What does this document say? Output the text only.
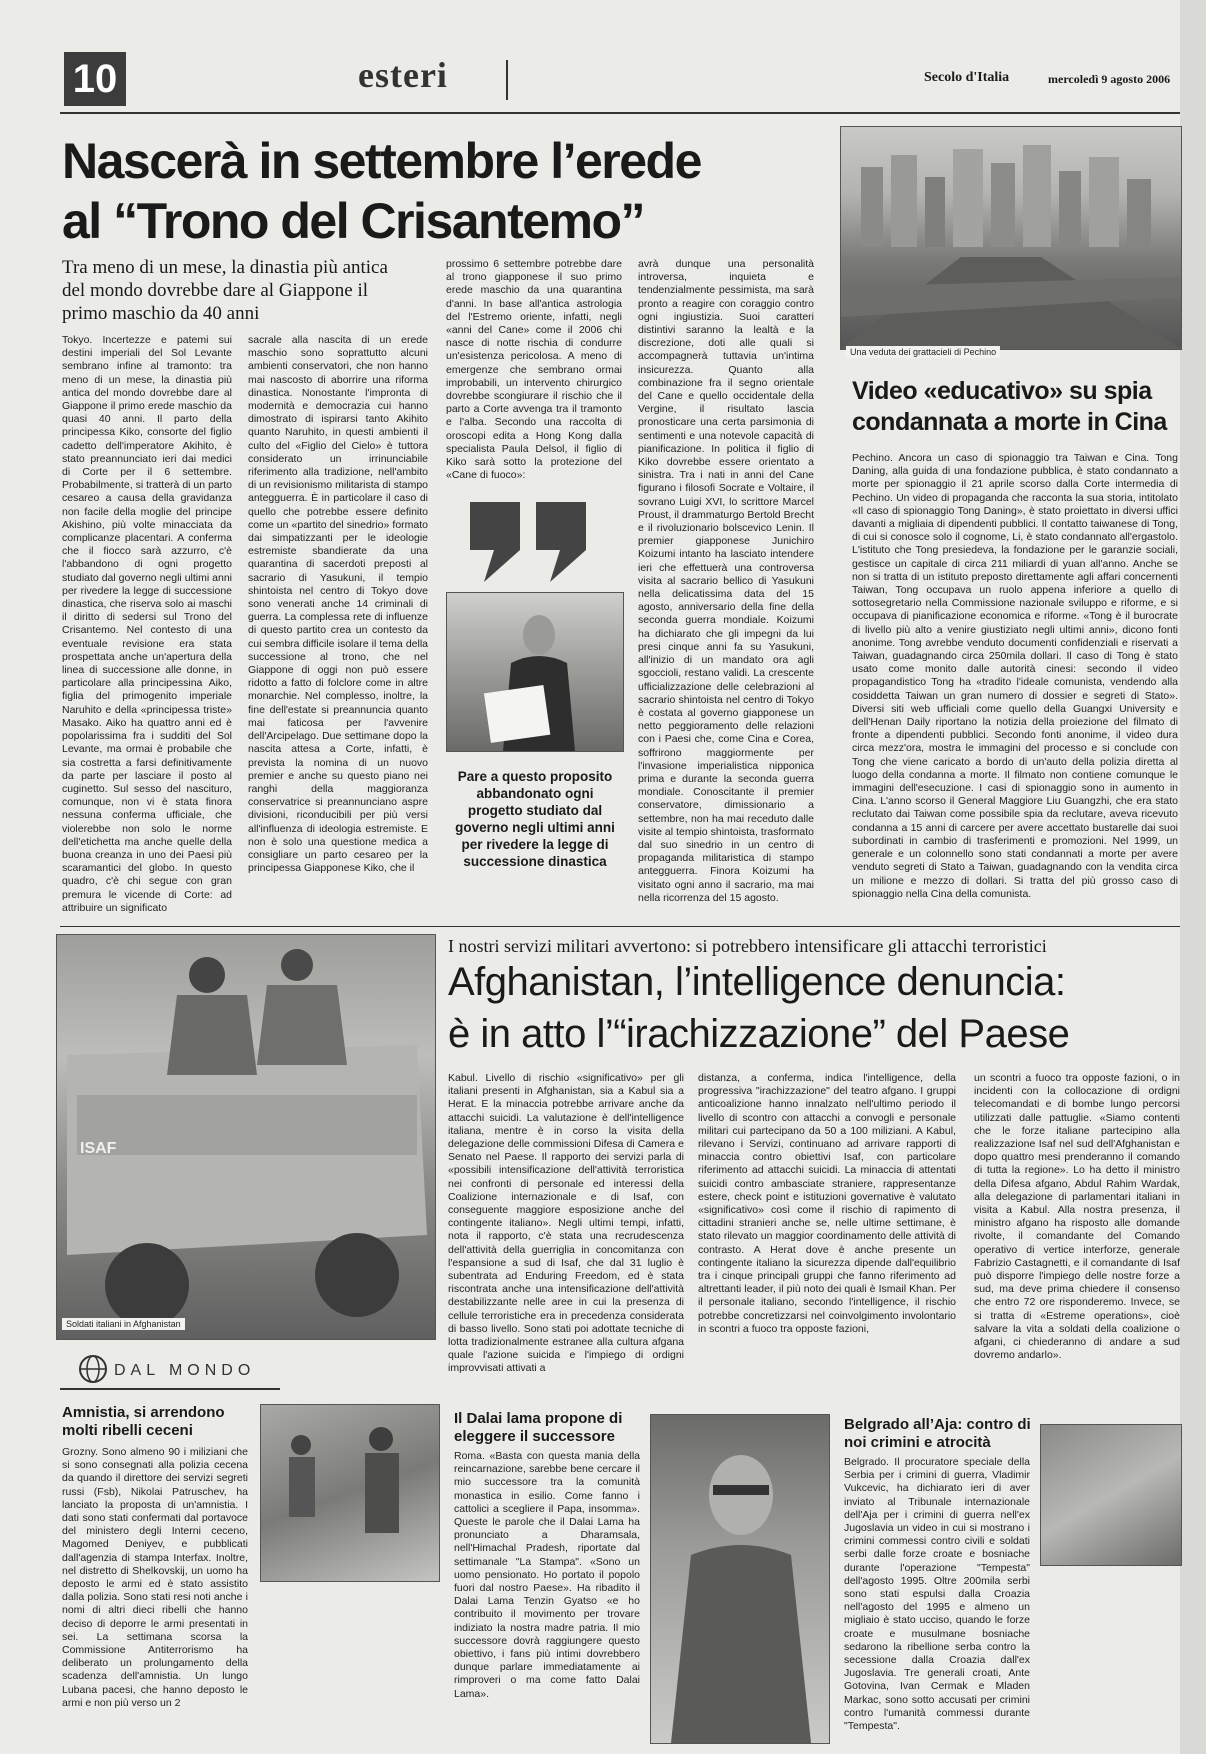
10	esteri	Secolo d'Italia	mercoledì 9 agosto 2006
Nascerà in settembre l’erede
al “Trono del Crisantemo”
Tra meno di un mese, la dinastia più antica del mondo dovrebbe dare al Giappone il primo maschio da 40 anni
Tokyo. Incertezze e patemi sui destini imperiali del Sol Levante sembrano infine al tramonto: tra meno di un mese, la dinastia più antica del mondo dovrebbe dare al Giappone il primo erede maschio da quasi 40 anni. Il parto della principessa Kiko, consorte del figlio cadetto dell'imperatore Akihito, è stato preannunciato ieri dai medici di Corte per il 6 settembre. Probabilmente, si tratterà di un parto cesareo a causa della gravidanza non facile della moglie del principe Akishino, più volte minacciata da complicanze placentari. A conferma che il fiocco sarà azzurro, c'è l'abbandono di ogni progetto studiato dal governo negli ultimi anni per rivedere la legge di successione dinastica, che riserva solo ai maschi il diritto di sedersi sul Trono del Crisantemo. Nel contesto di una eventuale revisione era stata prospettata anche un'apertura della linea di successione alle donne, in particolare alla principessina Aiko, figlia del primogenito imperiale Naruhito e della «principessa triste» Masako. Aiko ha quattro anni ed è popolarissima fra i sudditi del Sol Levante, ma ormai è probabile che sia costretta a farsi definitivamente da parte per lasciare il posto al cuginetto. Sul sesso del nascituro, comunque, non vi è stata finora nessuna conferma ufficiale, che violerebbe non solo le norme dell'etichetta ma anche quelle della buona creanza in uno dei Paesi più scaramantici del globo. In questo quadro, c'è chi segue con gran premura le vicende di Corte: ad attribuire un significato
sacrale alla nascita di un erede maschio sono soprattutto alcuni ambienti conservatori, che non hanno mai nascosto di aborrire una riforma dinastica. Nonostante l'impronta di modernità e democrazia cui hanno dimostrato di ispirarsi tanto Akihito quanto Naruhito, in questi ambienti il culto del «Figlio del Cielo» è tuttora considerato un irrinunciabile riferimento alla tradizione, nell'ambito di un revisionismo militarista di stampo antegguerra. È in particolare il caso di quello che potrebbe essere definito come un «partito del sinedrio» formato dai simpatizzanti per le ideologie estremiste sbandierate da una quarantina di sacerdoti preposti al sacrario di Yasukuni, il tempio shintoista nel centro di Tokyo dove sono venerati anche 14 criminali di guerra. La complessa rete di influenze di questo partito crea un contesto da cui sembra difficile isolare il tema della successione al trono, che nel Giappone di oggi non può essere ridotto a fatto di folclore come in altre monarchie. Nel complesso, inoltre, la fine dell'estate si preannuncia quanto mai faticosa per l'avvenire dell'Arcipelago. Due settimane dopo la nascita attesa a Corte, infatti, è prevista la nomina di un nuovo premier e anche su questo piano nei ranghi della maggioranza conservatrice si preannunciano aspre divisioni, riconducibili per più versi all'influenza di ideologia estremiste. E non è solo una questione medica a consigliare un parto cesareo per la principessa Giapponese Kiko, che il
prossimo 6 settembre potrebbe dare al trono giapponese il suo primo erede maschio da una quarantina d'anni. In base all'antica astrologia del l'Estremo oriente, infatti, negli «anni del Cane» come il 2006 chi nasce di notte rischia di condurre un'esistenza pericolosa. A meno di emergenze che sembrano ormai improbabili, un intervento chirurgico dovrebbe scongiurare il rischio che il parto a Corte avvenga tra il tramonto e l'alba. Secondo una raccolta di oroscopi edita a Hong Kong dalla specialista Paula Delsol, il figlio di Kiko sarà sotto la protezione del «Cane di fuoco»:
avrà dunque una personalità introversa, inquieta e tendenzialmente pessimista, ma sarà pronto a reagire con coraggio contro ogni ingiustizia. Suoi caratteri distintivi saranno la lealtà e la discrezione, doti alle quali si accompagnerà tuttavia un'intima insicurezza. Quanto alla combinazione fra il segno orientale del Cane e quello occidentale della Vergine, il risultato lascia pronosticare una certa parsimonia di sentimenti e una notevole capacità di pianificazione. In politica il figlio di Kiko dovrebbe essere orientato a sinistra. Tra i nati in anni del Cane figurano i filosofi Socrate e Voltaire, il sovrano Luigi XVI, lo scrittore Marcel Proust, il drammaturgo Bertold Brecht e il rivoluzionario bolscevico Lenin. Il premier giapponese Junichiro Koizumi intanto ha lasciato intendere ieri che effettuerà una controversa visita al sacrario bellico di Yasukuni nella delicatissima data del 15 agosto, anniversario della fine della seconda guerra mondiale. Koizumi ha dichiarato che gli impegni da lui presi cinque anni fa su Yasukuni, all'inizio di un mandato ora agli sgoccioli, restano validi. La crescente ufficializzazione delle celebrazioni al sacrario shintoista nel centro di Tokyo è costata al governo giapponese un netto peggioramento delle relazioni con i Paesi che, come Cina e Corea, soffrirono maggiormente per l'invasione imperialistica nipponica prima e durante la seconda guerra mondiale. Conoscitante il premier conservatore, dimissionario a settembre, non ha mai receduto dalle visite al tempio shintoista, trasformato dal suo sinedrio in un centro di propaganda militaristica di stampo antegguerra. Finora Koizumi ha visitato ogni anno il sacrario, ma mai nella ricorrenza del 15 agosto.
Pare a questo proposito abbandonato ogni progetto studiato dal governo negli ultimi anni per rivedere la legge di successione dinastica
Una veduta dei grattacieli di Pechino
Video «educativo» su spia condannata a morte in Cina
Pechino. Ancora un caso di spionaggio tra Taiwan e Cina. Tong Daning, alla guida di una fondazione pubblica, è stato condannato a morte per spionaggio il 21 aprile scorso dalla Corte intermedia di Pechino. Un video di propaganda che racconta la sua storia, intitolato «Il caso di spionaggio Tong Daning», è stato proiettato in diversi uffici davanti a migliaia di dipendenti pubblici. Il contatto taiwanese di Tong, di cui si conosce solo il cognome, Li, è stato condannato all'ergastolo. L'istituto che Tong presiedeva, la fondazione per le garanzie sociali, gestisce un capitale di circa 211 miliardi di yuan all'anno. Anche se non si tratta di un istituto preposto direttamente agli affari concernenti Taiwan, Tong occupava un ruolo appena inferiore a quello di sottosegretario nella Commissione nazionale sviluppo e riforme, e si occupava di pianificazione economica e riforme. «Tong è il burocrate di livello più alto a venire giustiziato negli ultimi anni», dicono fonti anonime. Tong avrebbe venduto documenti confidenziali e riservati a Taiwan, guadagnando circa 250mila dollari. Il caso di Tong è stato usato come monito dalle autorità cinesi: secondo il video propagandistico Tong ha «tradito l'ideale comunista, vendendo alla cosiddetta Taiwan un gran numero di dossier e segreti di Stato». Diversi siti web ufficiali come quello della Guangxi University e dell'Henan Daily riportano la notizia della proiezione del filmato di fronte a dipendenti pubblici. Secondo fonti anonime, il video dura circa mezz'ora, mostra le immagini del processo e si conclude con Tong che viene caricato a bordo di un'auto della polizia diretta al luogo della condanna a morte. Il filmato non contiene comunque le immagini dell'esecuzione. I casi di spionaggio sono in aumento in Cina. L'anno scorso il General Maggiore Liu Guangzhi, che era stato reclutato dai Taiwan come possibile spia da reclutare, aveva ricevuto condanna a 15 anni di carcere per avere accettato bustarelle dai suoi subordinati in cambio di trasferimenti e promozioni. Nel 1999, un generale e un colonnello sono stati condannati a morte per avere venduto segreti di Stato a Taiwan, guadagnando con la vendita circa un milione e mezzo di dollari. Si tratta del più grosso caso di spionaggio nella Cina della comunista.
ISAF
Soldati italiani in Afghanistan
I nostri servizi militari avvertono: si potrebbero intensificare gli attacchi terroristici
Afghanistan, l’intelligence denuncia:
è in atto l’“irachizzazione” del Paese
Kabul. Livello di rischio «significativo» per gli italiani presenti in Afghanistan, sia a Kabul sia a Herat. E la minaccia potrebbe arrivare anche da attacchi suicidi. La valutazione è dell'intelligence italiana, mentre è in corso la visita della delegazione delle commissioni Difesa di Camera e Senato nel Paese. Il rapporto dei servizi parla di «possibili intensificazione dell'attività terroristica nei confronti di personale ed interessi della Coalizione internazionale e di Isaf, con conseguente maggiore esposizione anche del contingente italiano». Negli ultimi tempi, infatti, nota il rapporto, c'è stata una recrudescenza dell'attività della guerriglia in concomitanza con l'espansione a sud di Isaf, che dal 31 luglio è subentrata ad Enduring Freedom, ed è stata riscontrata anche una intensificazione dell'attività destabilizzante nelle aree in cui la presenza di cellule terroristiche era in precedenza considerata di basso livello. Sono stati poi adottate tecniche di lotta tradizionalmente estranee alla cultura afgana quale l'azione suicida e l'impiego di ordigni improvvisati attivati a
distanza, a conferma, indica l'intelligence, della progressiva "irachizzazione" del teatro afgano. I gruppi anticoalizione hanno innalzato nell'ultimo periodo il livello di scontro con attacchi a convogli e personale militari cui partecipano da 50 a 100 miliziani. A Kabul, rilevano i Servizi, continuano ad arrivare rapporti di minaccia contro obiettivi Isaf, con particolare riferimento ad attacchi suicidi. La minaccia di attentati suicidi contro ambasciate straniere, rappresentanze estere, check point e istituzioni governative è valutato «significativo» così come il rischio di rapimento di cittadini stranieri anche se, nelle ultime settimane, è stato rilevato un maggior coordinamento delle attività di contrasto. A Herat dove è anche presente un contingente italiano la sicurezza dipende dall'equilibrio tra i cinque principali gruppi che fanno riferimento ad altrettanti leader, il più noto dei quali è Ismail Khan. Per il personale italiano, secondo l'intelligence, il rischio potrebbe concretizzarsi nel coinvolgimento involontario in scontri a fuoco tra opposte fazioni,
un scontri a fuoco tra opposte fazioni, o in incidenti con la collocazione di ordigni telecomandati e di bombe lungo percorsi utilizzati dalle pattuglie. «Siamo contenti che le forze italiane partecipino alla realizzazione Isaf nel sud dell'Afghanistan e dopo quattro mesi prenderanno il comando di tutta la regione». Lo ha detto il ministro della Difesa afgano, Abdul Rahim Wardak, alla delegazione di parlamentari italiani in visita a Kabul. Alla nostra presenza, il ministro afgano ha risposto alle domande rivolte, il comandante del Comando operativo di vertice interforze, generale Fabrizio Castagnetti, e il comandante di Isaf può disporre l'impiego delle nostre forze a sud, ma deve prima chiedere il consenso che entro 72 ore risponderemo. Invece, se si tratta di «Estreme operations», cioè salvare la vita a soldati della coalizione o afgani, ci chiederanno di andare a sud dovremo andarlo».
DAL MONDO
Amnistia, si arrendono molti ribelli ceceni
Grozny. Sono almeno 90 i miliziani che si sono consegnati alla polizia cecena da quando il direttore dei servizi segreti russi (Fsb), Nikolai Patruschev, ha lanciato la proposta di un'amnistia. I dati sono stati confermati dal portavoce del ministero degli Interni ceceno, Magomed Deniyev, e pubblicati dall'agenzia di stampa Interfax. Inoltre, nel distretto di Shelkovskij, un uomo ha deposto le armi ed è stato assistito dalla polizia. Sono stati resi noti anche i nomi di altri dieci ribelli che hanno deciso di deporre le armi presentati in sei. La settimana scorsa la Commissione Antiterrorismo ha deliberato un prolungamento della scadenza dell'amnistia. Un lungo Lubana pacesi, che hanno deposto le armi e non più verso un 2
Il Dalai lama propone di eleggere il successore
Roma. «Basta con questa mania della reincarnazione, sarebbe bene cercare il mio successore tra la comunità monastica in esilio. Come fanno i cattolici a scegliere il Papa, insomma». Queste le parole che il Dalai Lama ha pronunciato a Dharamsala, nell'Himachal Pradesh, riportate dal settimanale "La Stampa". «Sono un uomo pensionato. Ho portato il popolo fuori dal nostro Paese». Ha ribadito il Dalai Lama Tenzin Gyatso «e ho contribuito il movimento per trovare indiziato la nostra madre patria. Il mio successore dovrà raggiungere questo obiettivo, i fans più intimi dovrebbero dunque parlare immediatamente ai rimproveri o ma come fatto Dalai Lama».
Belgrado all’Aja: contro di noi crimini e atrocità
Belgrado. Il procuratore speciale della Serbia per i crimini di guerra, Vladimir Vukcevic, ha dichiarato ieri di aver inviato al Tribunale internazionale dell'Aja per i crimini di guerra nell'ex Jugoslavia un video in cui si mostrano i crimini commessi contro civili e soldati serbi dalle forze croate e bosniache durante l'operazione "Tempesta" dell'agosto 1995. Oltre 200mila serbi sono stati espulsi dalla Croazia nell'agosto del 1995 e almeno un migliaio è stato ucciso, quando le forze croate e musulmane bosniache sedarono la ribellione serba contro la secessione dalla Croazia dall'ex Jugoslavia. Tre generali croati, Ante Gotovina, Ivan Cermak e Mladen Markac, sono sotto accusati per crimini contro l'umanità commessi durante "Tempesta".
